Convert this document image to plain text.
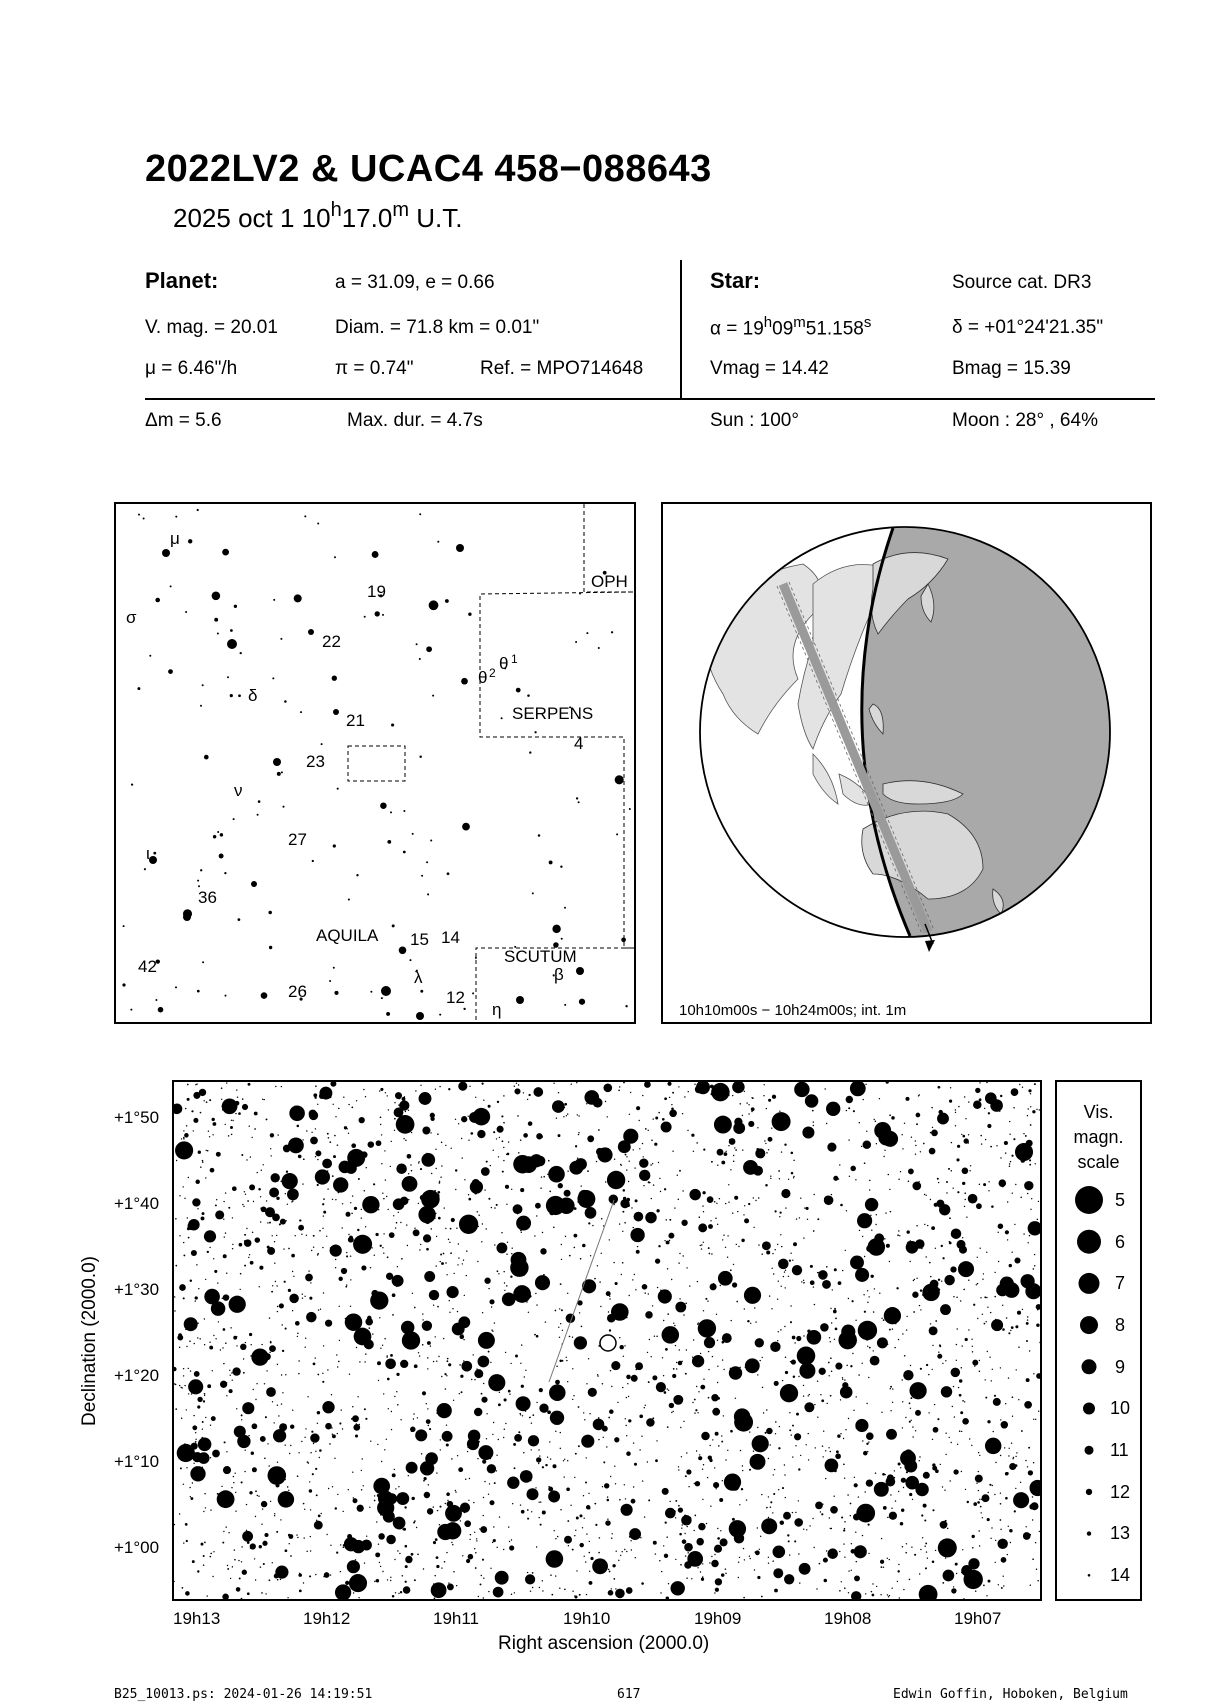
2022LV2 & UCAC4 458−088643
2025 oct 1 10$^h$17.0$^m$ U.T.
Planet:	a = 31.09, e = 0.66
V. mag. = 20.01	Diam. = 71.8 km = 0.01"
μ = 6.46"/h	π = 0.74"	Ref. = MPO714648
Star:	Source cat. DR3
$\alpha = 19^h09^m51.158^s$	δ = +01°24'21.35"
Vmag = 14.42	Bmag = 15.39
Δm = 5.6	Max. dur. = 4.7s	Sun : 100°	Moon : 28° , 64%
AQUILA
SERPENS
SCUTUM
OPH
μ
σ
22
19
21
23
δ
ν
27
ι
36
42
26
15 14
λ
12
η
β
4
θ 1
θ 2
10h10m00s − 10h24m00s; int. 1m
19h13	19h12	19h11	19h10	19h09	19h08	19h07
Right ascension (2000.0)
+1°50
+1°40
+1°30
+1°20
+1°10
+1°00
Declination (2000.0)
Vis.
magn.
scale
5
6
7
8
9
10
11
12
13
14
B25_10013.ps: 2024-01-26 14:19:51	617	Edwin Goffin, Hoboken, Belgium
